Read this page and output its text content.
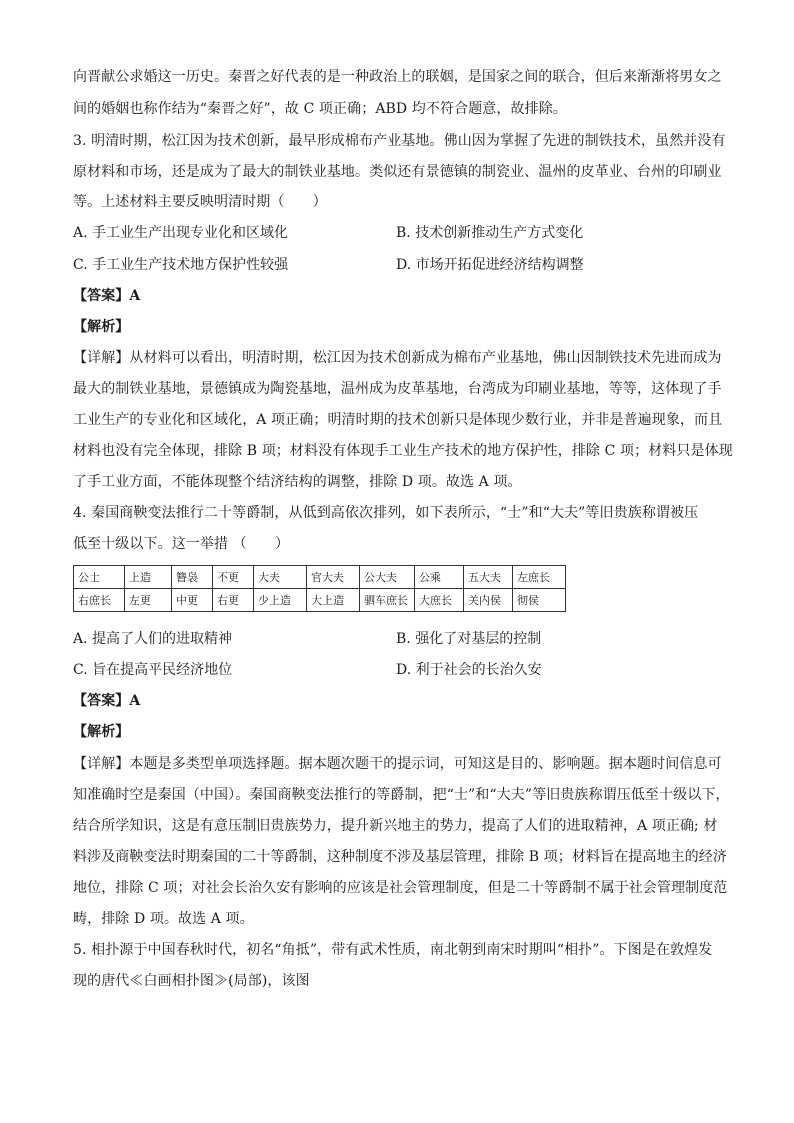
向晋献公求婚这一历史。秦晋之好代表的是一种政治上的联姻，是国家之间的联合，但后来渐渐将男女之
间的婚姻也称作结为“秦晋之好”，故 C 项正确；ABD 均不符合题意，故排除。
3. 明清时期，松江因为技术创新，最早形成棉布产业基地。佛山因为掌握了先进的制铁技术，虽然并没有
原材料和市场，还是成为了最大的制铁业基地。类似还有景德镇的制瓷业、温州的皮革业、台州的印刷业
等。上述材料主要反映明清时期（　　）
A. 手工业生产出现专业化和区域化	B. 技术创新推动生产方式变化
C. 手工业生产技术地方保护性较强	D. 市场开拓促进经济结构调整
【答案】A
【解析】
【详解】从材料可以看出，明清时期，松江因为技术创新成为棉布产业基地，佛山因制铁技术先进而成为
最大的制铁业基地，景德镇成为陶瓷基地，温州成为皮革基地，台湾成为印刷业基地，等等，这体现了手
工业生产的专业化和区域化，A 项正确；明清时期的技术创新只是体现少数行业，并非是普遍现象，而且
材料也没有完全体现，排除 B 项；材料没有体现手工业生产技术的地方保护性，排除 C 项；材料只是体现
了手工业方面，不能体现整个结济结构的调整，排除 D 项。故选 A 项。
4. 秦国商鞅变法推行二十等爵制，从低到高依次排列，如下表所示，“士”和“大夫”等旧贵族称谓被压
低至十级以下。这一举措 （　　）
公士	上造	簪袅	不更	大夫	官大夫	公大夫	公乘	五大夫	左庶长
右庶长	左更	中更	右更	少上造	大上造	驷车庶长	大庶长	关内侯	彻侯
A. 提高了人们的进取精神	B. 强化了对基层的控制
C. 旨在提高平民经济地位	D. 利于社会的长治久安
【答案】A
【解析】
【详解】本题是多类型单项选择题。据本题次题干的提示词，可知这是目的、影响题。据本题时间信息可
知准确时空是秦国（中国）。秦国商鞅变法推行的等爵制，把“士”和“大夫”等旧贵族称谓压低至十级以下，
结合所学知识，这是有意压制旧贵族势力，提升新兴地主的势力，提高了人们的进取精神，A 项正确; 材
料涉及商鞅变法时期秦国的二十等爵制，这种制度不涉及基层管理，排除 B 项；材料旨在提高地主的经济
地位，排除 C 项；对社会长治久安有影响的应该是社会管理制度，但是二十等爵制不属于社会管理制度范
畴，排除 D 项。故选 A 项。
5. 相扑源于中国春秋时代，初名“角抵”，带有武术性质，南北朝到南宋时期叫“相扑”。下图是在敦煌发
现的唐代≪白画相扑图≫(局部)，该图
